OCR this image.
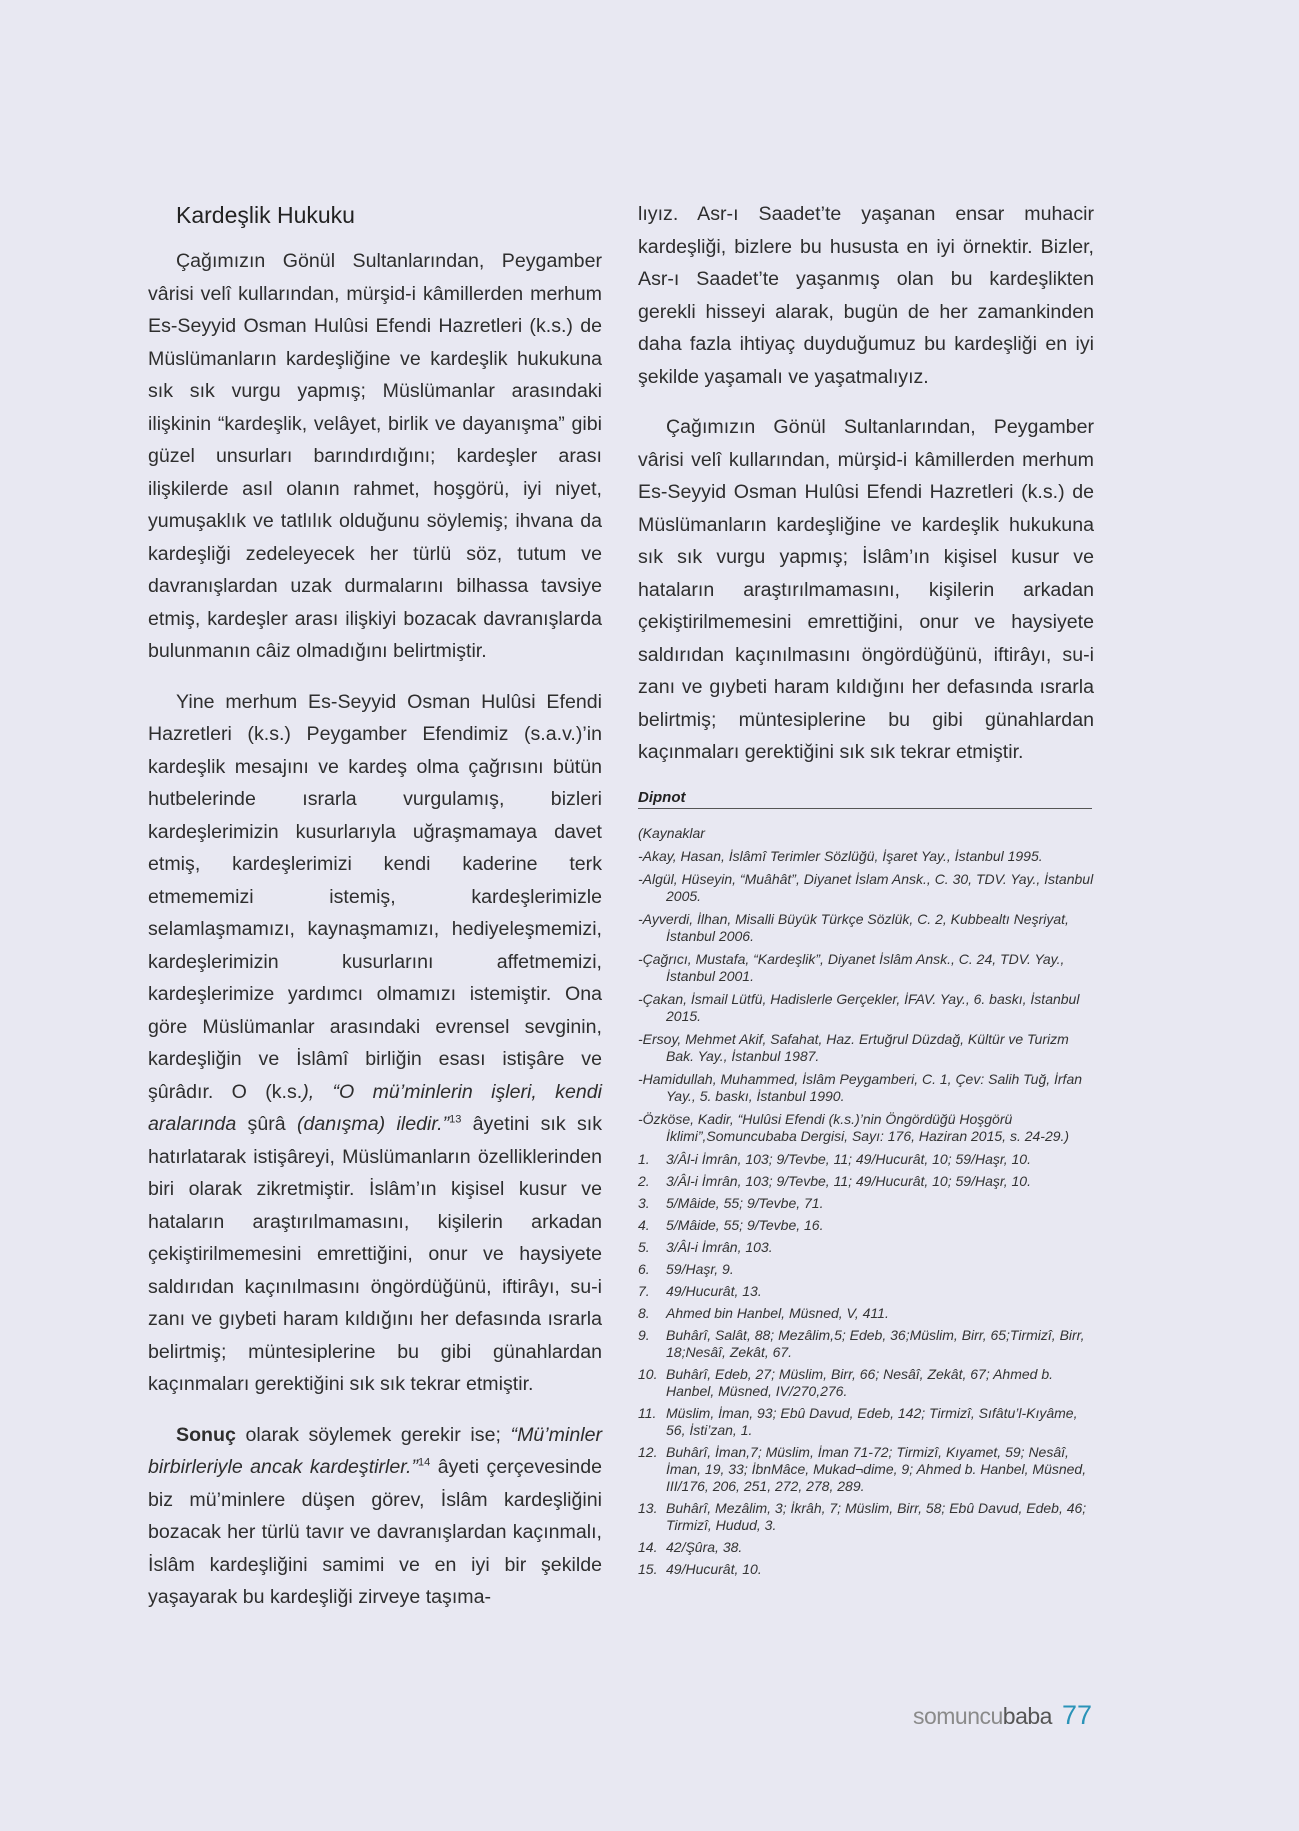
Kardeşlik Hukuku

Çağımızın Gönül Sultanlarından, Peygamber vârisi velî kullarından, mürşid-i kâmillerden merhum Es-Seyyid Osman Hulûsi Efendi Hazretleri (k.s.) de Müslümanların kardeşliğine ve kardeşlik hukukuna sık sık vurgu yapmış; Müslümanlar arasındaki ilişkinin “kardeşlik, velâyet, birlik ve dayanışma” gibi güzel unsurları barındırdığını; kardeşler arası ilişkilerde asıl olanın rahmet, hoşgörü, iyi niyet, yumuşaklık ve tatlılık olduğunu söylemiş; ihvana da kardeşliği zedeleyecek her türlü söz, tutum ve davranışlardan uzak durmalarını bilhassa tavsiye etmiş, kardeşler arası ilişkiyi bozacak davranışlarda bulunmanın câiz olmadığını belirtmiştir.

Yine merhum Es-Seyyid Osman Hulûsi Efendi Hazretleri (k.s.) Peygamber Efendimiz (s.a.v.)’in kardeşlik mesajını ve kardeş olma çağrısını bütün hutbelerinde ısrarla vurgulamış, bizleri kardeşlerimizin kusurlarıyla uğraşmamaya davet etmiş, kardeşlerimizi kendi kaderine terk etmememizi istemiş, kardeşlerimizle selamlaşmamızı, kaynaşmamızı, hediyeleşmemizi, kardeşlerimizin kusurlarını affetmemizi, kardeşlerimize yardımcı olmamızı istemiştir. Ona göre Müslümanlar arasındaki evrensel sevginin, kardeşliğin ve İslâmî birliğin esası istişâre ve şûrâdır. O (k.s.), “O mü’minlerin işleri, kendi aralarında şûrâ (danışma) iledir.”$^{13}$ âyetini sık sık hatırlatarak istişâreyi, Müslümanların özelliklerinden biri olarak zikretmiştir. İslâm’ın kişisel kusur ve hataların araştırılmamasını, kişilerin arkadan çekiştirilmemesini emrettiğini, onur ve haysiyete saldırıdan kaçınılmasını öngördüğünü, iftirâyı, su-i zanı ve gıybeti haram kıldığını her defasında ısrarla belirtmiş; müntesiplerine bu gibi günahlardan kaçınmaları gerektiğini sık sık tekrar etmiştir.

Sonuç olarak söylemek gerekir ise; “Mü’minler birbirleriyle ancak kardeştirler.”$^{14}$ âyeti çerçevesinde biz mü’minlere düşen görev, İslâm kardeşliğini bozacak her türlü tavır ve davranışlardan kaçınmalı, İslâm kardeşliğini samimi ve en iyi bir şekilde yaşayarak bu kardeşliği zirveye taşıma-

lıyız. Asr-ı Saadet’te yaşanan ensar muhacir kardeşliği, bizlere bu hususta en iyi örnektir. Bizler, Asr-ı Saadet’te yaşanmış olan bu kardeşlikten gerekli hisseyi alarak, bugün de her zamankinden daha fazla ihtiyaç duyduğumuz bu kardeşliği en iyi şekilde yaşamalı ve yaşatmalıyız.

Çağımızın Gönül Sultanlarından, Peygamber vârisi velî kullarından, mürşid-i kâmillerden merhum Es-Seyyid Osman Hulûsi Efendi Hazretleri (k.s.) de Müslümanların kardeşliğine ve kardeşlik hukukuna sık sık vurgu yapmış; İslâm’ın kişisel kusur ve hataların araştırılmamasını, kişilerin arkadan çekiştirilmemesini emrettiğini, onur ve haysiyete saldırıdan kaçınılmasını öngördüğünü, iftirâyı, su-i zanı ve gıybeti haram kıldığını her defasında ısrarla belirtmiş; müntesiplerine bu gibi günahlardan kaçınmaları gerektiğini sık sık tekrar etmiştir.

Dipnot
(Kaynaklar
-Akay, Hasan, İslâmî Terimler Sözlüğü, İşaret Yay., İstanbul 1995.
-Algül, Hüseyin, “Muâhât”, Diyanet İslam Ansk., C. 30, TDV. Yay., İstanbul 2005.
-Ayverdi, İlhan, Misalli Büyük Türkçe Sözlük, C. 2, Kubbealtı Neşriyat, İstanbul 2006.
-Çağrıcı, Mustafa, “Kardeşlik”, Diyanet İslâm Ansk., C. 24, TDV. Yay., İstanbul 2001.
-Çakan, İsmail Lütfü, Hadislerle Gerçekler, İFAV. Yay., 6. baskı, İstanbul 2015.
-Ersoy, Mehmet Akif, Safahat, Haz. Ertuğrul Düzdağ, Kültür ve Turizm Bak. Yay., İstanbul 1987.
-Hamidullah, Muhammed, İslâm Peygamberi, C. 1, Çev: Salih Tuğ, İrfan Yay., 5. baskı, İstanbul 1990.
-Özköse, Kadir, “Hulûsi Efendi (k.s.)’nin Öngördüğü Hoşgörü İklimi”,Somuncubaba Dergisi, Sayı: 176, Haziran 2015, s. 24-29.)
1.	3/Âl-i İmrân, 103; 9/Tevbe, 11; 49/Hucurât, 10; 59/Haşr, 10.
2.	3/Âl-i İmrân, 103; 9/Tevbe, 11; 49/Hucurât, 10; 59/Haşr, 10.
3.	5/Mâide, 55; 9/Tevbe, 71.
4.	5/Mâide, 55; 9/Tevbe, 16.
5.	3/Âl-i İmrân, 103.
6.	59/Haşr, 9.
7.	49/Hucurât, 13.
8.	Ahmed bin Hanbel, Müsned, V, 411.
9.	Buhârî, Salât, 88; Mezâlim,5; Edeb, 36;Müslim, Birr, 65;Tirmizî, Birr, 18;Nesâî, Zekât, 67.
10. Buhârî, Edeb, 27; Müslim, Birr, 66; Nesâî, Zekât, 67; Ahmed b. Hanbel, Müsned, IV/270,276.
11. Müslim, İman, 93; Ebû Davud, Edeb, 142; Tirmizî, Sıfâtu’l-Kıyâme, 56, İsti’zan, 1.
12. Buhârî, İman,7; Müslim, İman 71-72; Tirmizî, Kıyamet, 59; Nesâî, İman, 19, 33; İbnMâce, Mukad¬dime, 9; Ahmed b. Hanbel, Müsned, III/176, 206, 251, 272, 278, 289.
13. Buhârî, Mezâlim, 3; İkrâh, 7; Müslim, Birr, 58; Ebû Davud, Edeb, 46; Tirmizî, Hudud, 3.
14. 42/Şûra, 38.
15. 49/Hucurât, 10.
somuncubaba 77
